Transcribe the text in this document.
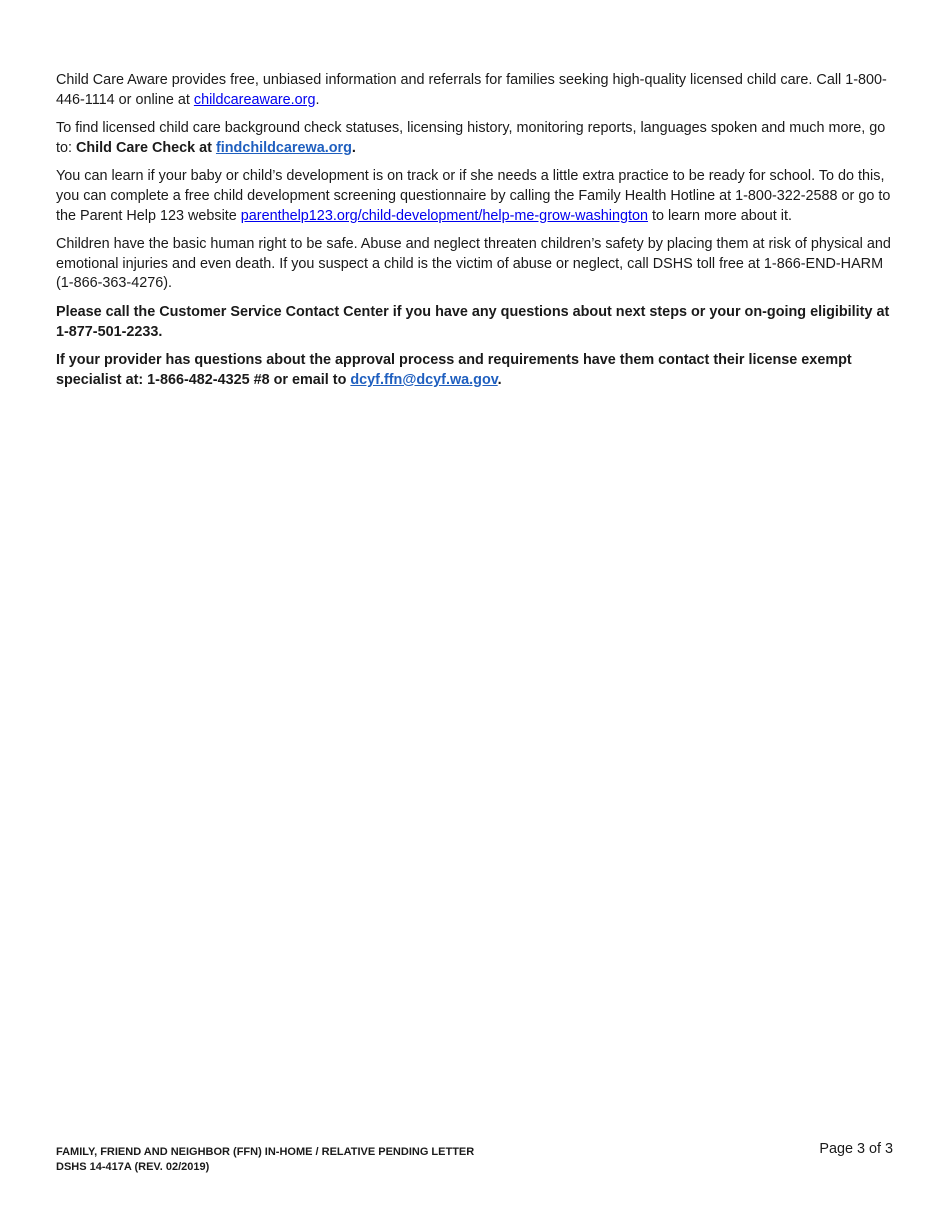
Child Care Aware provides free, unbiased information and referrals for families seeking high-quality licensed child care. Call 1-800-446-1114 or online at childcareaware.org.

To find licensed child care background check statuses, licensing history, monitoring reports, languages spoken and much more, go to: Child Care Check at findchildcarewa.org.

You can learn if your baby or child’s development is on track or if she needs a little extra practice to be ready for school. To do this, you can complete a free child development screening questionnaire by calling the Family Health Hotline at 1-800-322-2588 or go to the Parent Help 123 website parenthelp123.org/child-development/help-me-grow-washington to learn more about it.

Children have the basic human right to be safe. Abuse and neglect threaten children’s safety by placing them at risk of physical and emotional injuries and even death. If you suspect a child is the victim of abuse or neglect, call DSHS toll free at 1-866-END-HARM (1-866-363-4276).

Please call the Customer Service Contact Center if you have any questions about next steps or your on-going eligibility at 1-877-501-2233.

If your provider has questions about the approval process and requirements have them contact their license exempt specialist at: 1-866-482-4325 #8 or email to dcyf.ffn@dcyf.wa.gov.

FAMILY, FRIEND AND NEIGHBOR (FFN) IN-HOME / RELATIVE PENDING LETTER
DSHS 14-417A (REV. 02/2019)
Page 3 of 3
